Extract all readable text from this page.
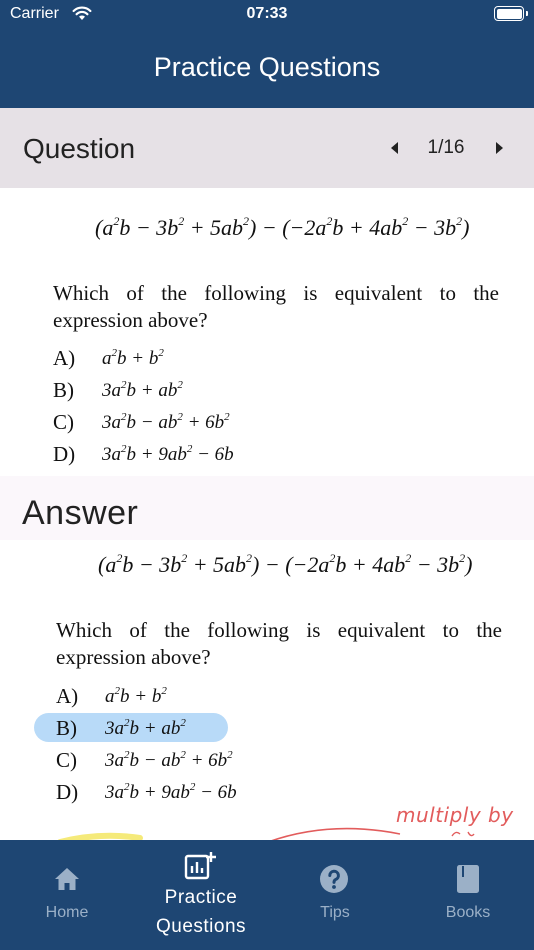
Carrier	07:33
Practice Questions
Question	1/16
$(a^2b - 3b^2 + 5ab^2) - (-2a^2b + 4ab^2 - 3b^2)$
Which of the following is equivalent to the expression above?
A) $a^2b + b^2$
B) $3a^2b + ab^2$
C) $3a^2b - ab^2 + 6b^2$
D) $3a^2b + 9ab^2 - 6b$
Answer
$(a^2b - 3b^2 + 5ab^2) - (-2a^2b + 4ab^2 - 3b^2)$
Which of the following is equivalent to the expression above?
A) $a^2b + b^2$
B) $3a^2b + ab^2$
C) $3a^2b - ab^2 + 6b^2$
D) $3a^2b + 9ab^2 - 6b$
multiply by
Home
Practice
Questions
Tips	Books
